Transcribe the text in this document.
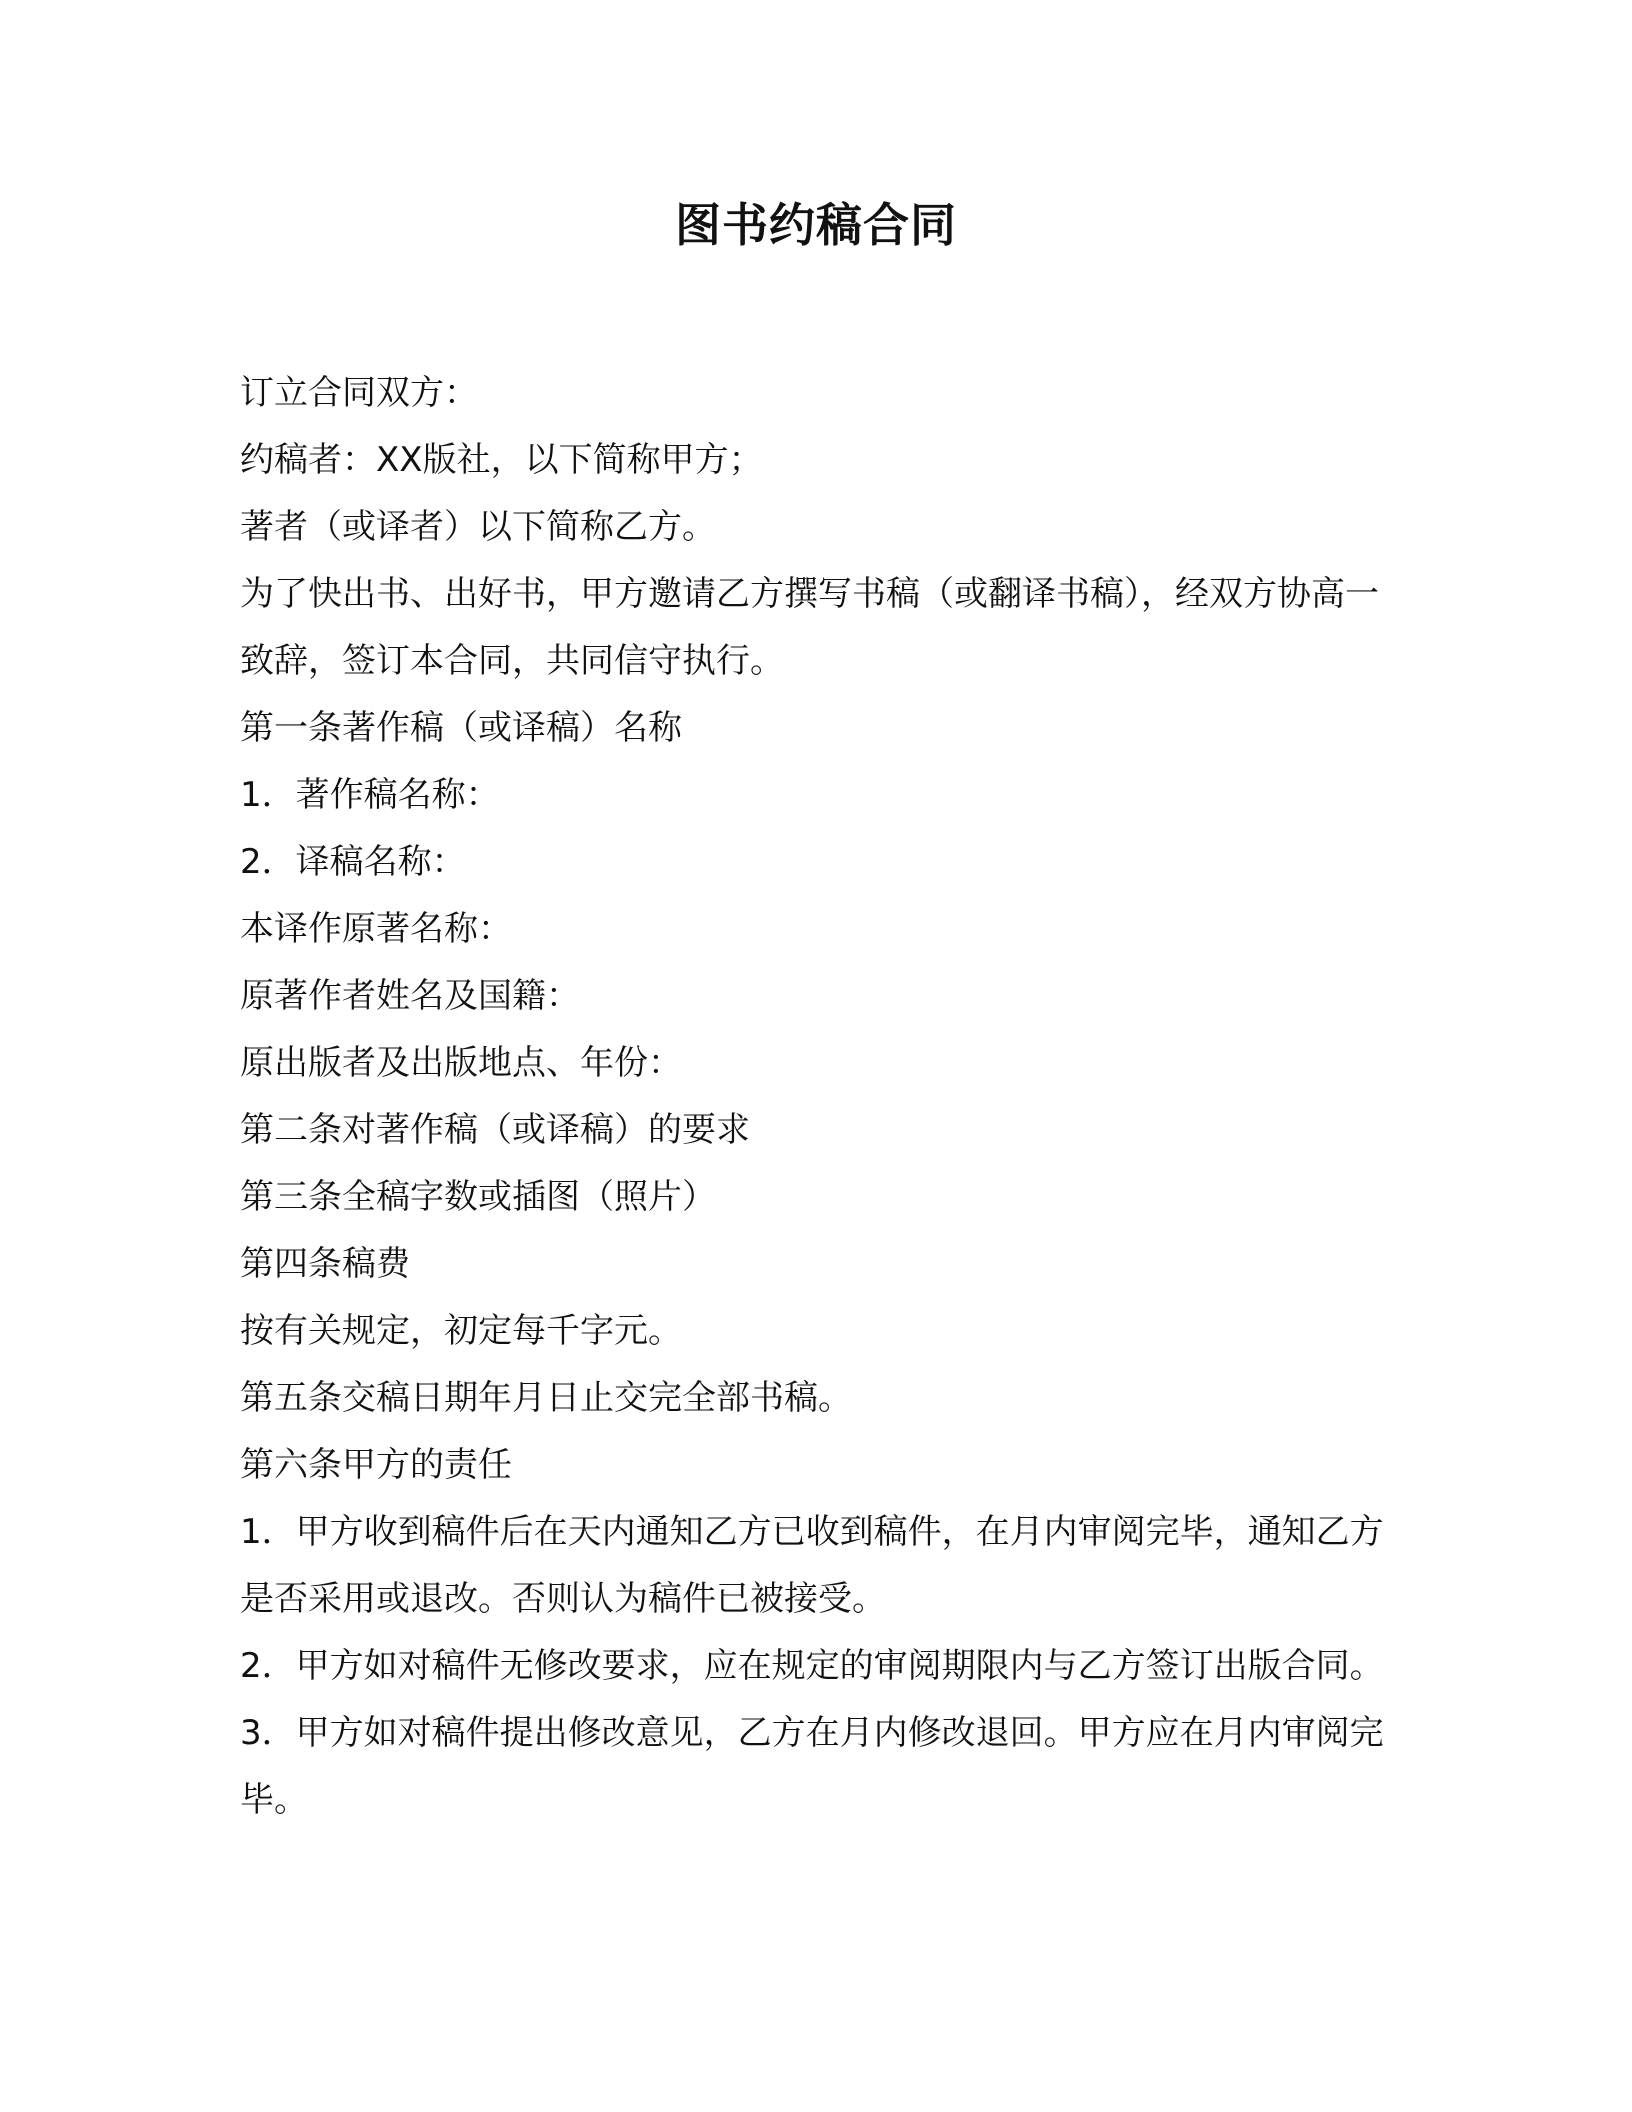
图书约稿合同

订立合同双方：

约稿者：XX版社，以下简称甲方；

著者（或译者）以下简称乙方。

为了快出书、出好书，甲方邀请乙方撰写书稿（或翻译书稿），经双方协高一致辞，签订本合同，共同信守执行。

第一条著作稿（或译稿）名称

1．著作稿名称：

2．译稿名称：

本译作原著名称：

原著作者姓名及国籍：

原出版者及出版地点、年份：

第二条对著作稿（或译稿）的要求

第三条全稿字数或插图（照片）

第四条稿费

按有关规定，初定每千字元。

第五条交稿日期年月日止交完全部书稿。

第六条甲方的责任

1．甲方收到稿件后在天内通知乙方已收到稿件，在月内审阅完毕，通知乙方是否采用或退改。否则认为稿件已被接受。

2．甲方如对稿件无修改要求，应在规定的审阅期限内与乙方签订出版合同。

3．甲方如对稿件提出修改意见，乙方在月内修改退回。甲方应在月内审阅完毕。
